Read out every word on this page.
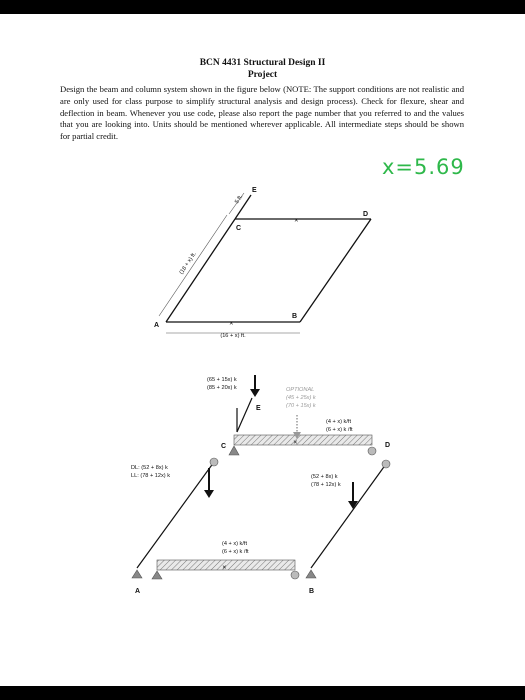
BCN 4431 Structural Design II
Project

Design the beam and column system shown in the figure below (NOTE: The support conditions are not realistic and are only used for class purpose to simplify structural analysis and design process). Check for flexure, shear and deflection in beam. Whenever you use code, please also report the page number that you referred to and the values that you are looking into. Units should be mentioned wherever applicable. All intermediate steps should be shown for partial credit.

x=5.69
✕
✕
5 ft.
(18 + x) ft.
(16 + x) ft.
A
B
C
D
E
✕
✕
(65 + 15x) k
(85 + 20x) k	OPTIONAL
(45 + 25x) k
(70 + 15x) k
(4 + x) k/ft
(6 + x) k /ft
DL: (52 + 8x) k
LL: (78 + 12x) k	(52 + 8x) k
(78 + 12x) k
(4 + x) k/ft
(6 + x) k /ft
A	B
C	D
E
